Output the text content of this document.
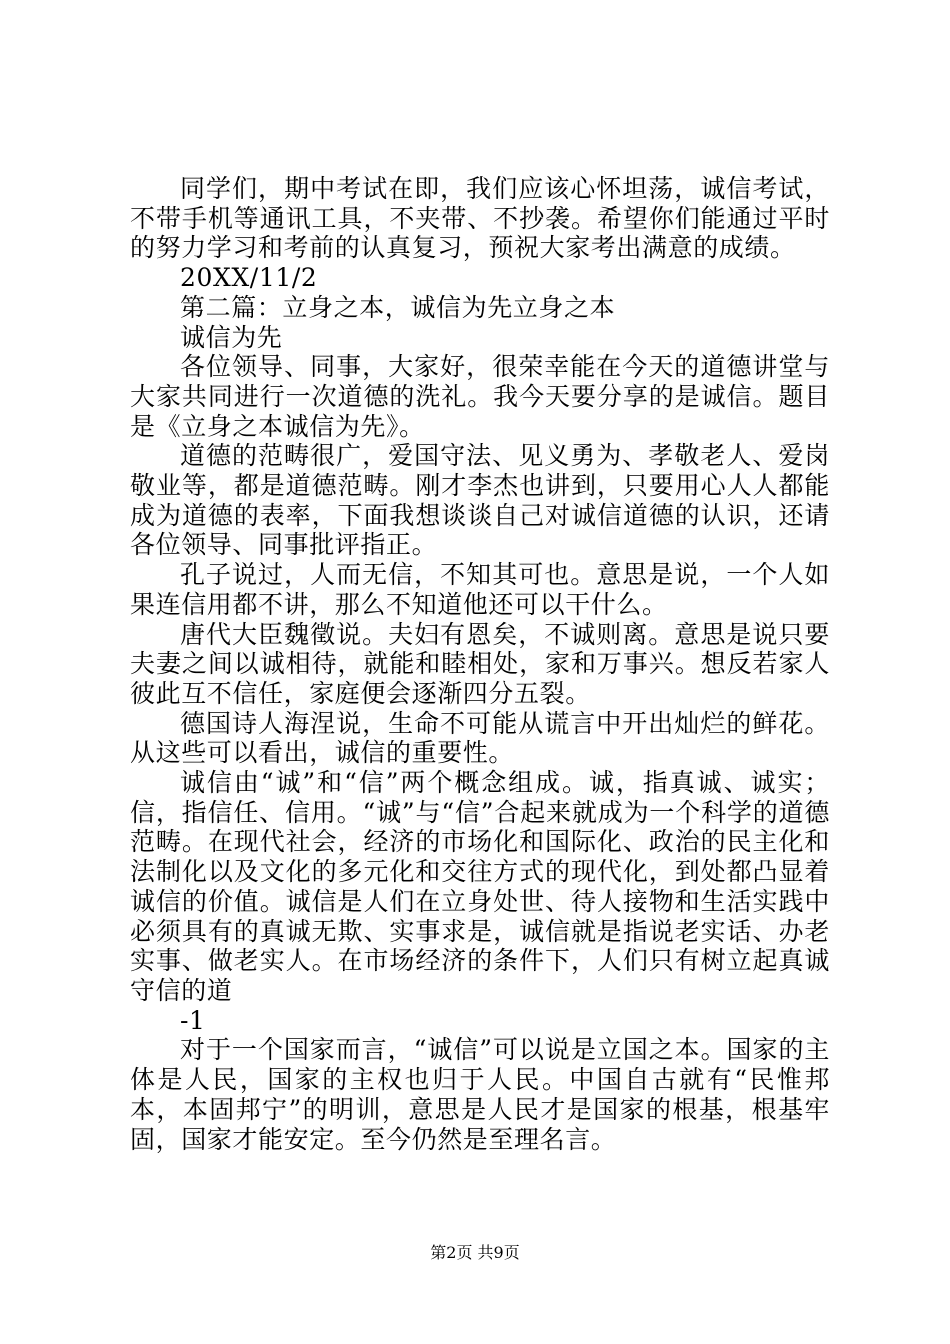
同学们，期中考试在即，我们应该心怀坦荡，诚信考试，不带手机等通讯工具，不夹带、不抄袭。希望你们能通过平时的努力学习和考前的认真复习，预祝大家考出满意的成绩。

20XX/11/2

第二篇：立身之本，诚信为先立身之本

诚信为先

各位领导、同事，大家好，很荣幸能在今天的道德讲堂与大家共同进行一次道德的洗礼。我今天要分享的是诚信。题目是《立身之本诚信为先》。

道德的范畴很广，爱国守法、见义勇为、孝敬老人、爱岗敬业等，都是道德范畴。刚才李杰也讲到，只要用心人人都能成为道德的表率，下面我想谈谈自己对诚信道德的认识，还请各位领导、同事批评指正。

孔子说过，人而无信，不知其可也。意思是说，一个人如果连信用都不讲，那么不知道他还可以干什么。

唐代大臣魏徵说。夫妇有恩矣，不诚则离。意思是说只要夫妻之间以诚相待，就能和睦相处，家和万事兴。想反若家人彼此互不信任，家庭便会逐渐四分五裂。

德国诗人海涅说，生命不可能从谎言中开出灿烂的鲜花。从这些可以看出，诚信的重要性。

诚信由“诚”和“信”两个概念组成。诚，指真诚、诚实；信，指信任、信用。“诚”与“信”合起来就成为一个科学的道德范畴。在现代社会，经济的市场化和国际化、政治的民主化和法制化以及文化的多元化和交往方式的现代化，到处都凸显着诚信的价值。诚信是人们在立身处世、待人接物和生活实践中必须具有的真诚无欺、实事求是，诚信就是指说老实话、办老实事、做老实人。在市场经济的条件下，人们只有树立起真诚守信的道

-1

对于一个国家而言，“诚信”可以说是立国之本。国家的主体是人民，国家的主权也归于人民。中国自古就有“民惟邦本，本固邦宁”的明训，意思是人民才是国家的根基，根基牢固，国家才能安定。至今仍然是至理名言。

第2页 共9页
